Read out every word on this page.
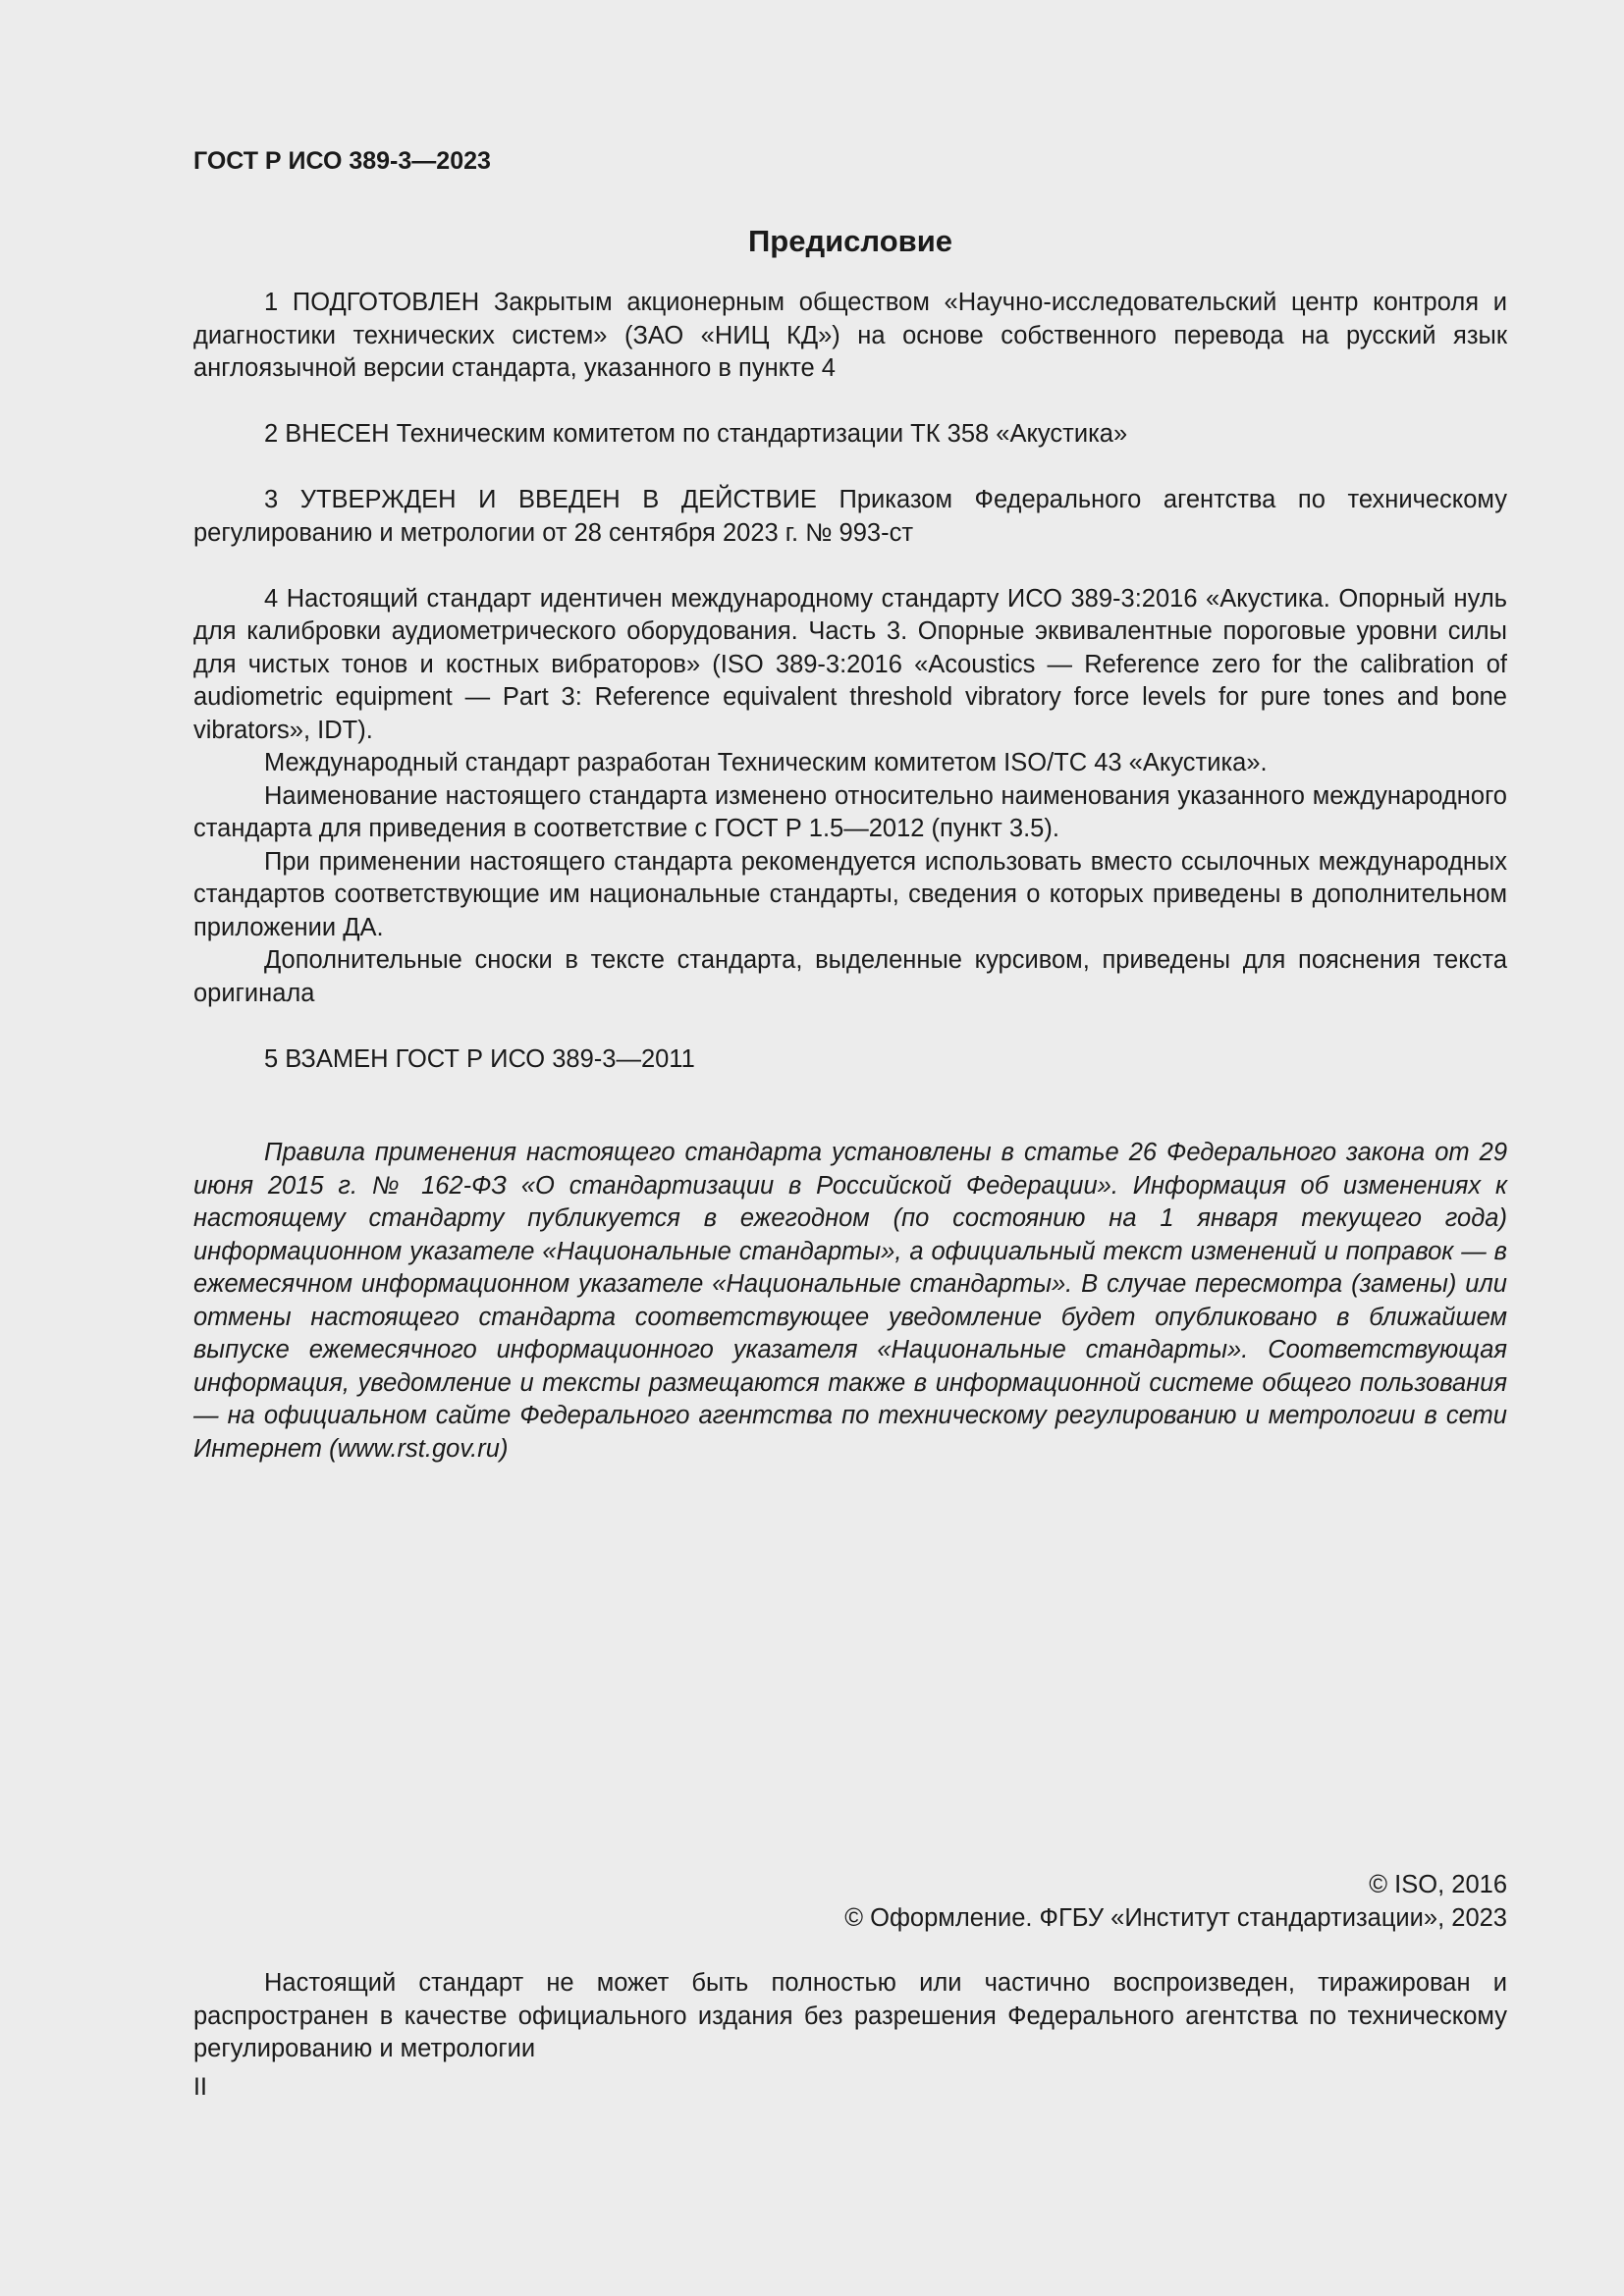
ГОСТ Р ИСО 389-3—2023
Предисловие

1 ПОДГОТОВЛЕН Закрытым акционерным обществом «Научно-исследовательский центр контроля и диагностики технических систем» (ЗАО «НИЦ КД») на основе собственного перевода на русский язык англоязычной версии стандарта, указанного в пункте 4

2 ВНЕСЕН Техническим комитетом по стандартизации ТК 358 «Акустика»

3 УТВЕРЖДЕН И ВВЕДЕН В ДЕЙСТВИЕ Приказом Федерального агентства по техническому регулированию и метрологии от 28 сентября 2023 г. № 993-ст

4 Настоящий стандарт идентичен международному стандарту ИСО 389-3:2016 «Акустика. Опорный нуль для калибровки аудиометрического оборудования. Часть 3. Опорные эквивалентные пороговые уровни силы для чистых тонов и костных вибраторов» (ISO 389-3:2016 «Acoustics — Reference zero for the calibration of audiometric equipment — Part 3: Reference equivalent threshold vibratory force levels for pure tones and bone vibrators», IDT).

Международный стандарт разработан Техническим комитетом ISO/TC 43 «Акустика».

Наименование настоящего стандарта изменено относительно наименования указанного международного стандарта для приведения в соответствие с ГОСТ Р 1.5—2012 (пункт 3.5).

При применении настоящего стандарта рекомендуется использовать вместо ссылочных международных стандартов соответствующие им национальные стандарты, сведения о которых приведены в дополнительном приложении ДА.

Дополнительные сноски в тексте стандарта, выделенные курсивом, приведены для пояснения текста оригинала

5 ВЗАМЕН ГОСТ Р ИСО 389-3—2011

Правила применения настоящего стандарта установлены в статье 26 Федерального закона от 29 июня 2015 г. № 162-ФЗ «О стандартизации в Российской Федерации». Информация об изменениях к настоящему стандарту публикуется в ежегодном (по состоянию на 1 января текущего года) информационном указателе «Национальные стандарты», а официальный текст изменений и поправок — в ежемесячном информационном указателе «Национальные стандарты». В случае пересмотра (замены) или отмены настоящего стандарта соответствующее уведомление будет опубликовано в ближайшем выпуске ежемесячного информационного указателя «Национальные стандарты». Соответствующая информация, уведомление и тексты размещаются также в информационной системе общего пользования — на официальном сайте Федерального агентства по техническому регулированию и метрологии в сети Интернет (www.rst.gov.ru)

© ISO, 2016

© Оформление. ФГБУ «Институт стандартизации», 2023

Настоящий стандарт не может быть полностью или частично воспроизведен, тиражирован и распространен в качестве официального издания без разрешения Федерального агентства по техническому регулированию и метрологии

II
